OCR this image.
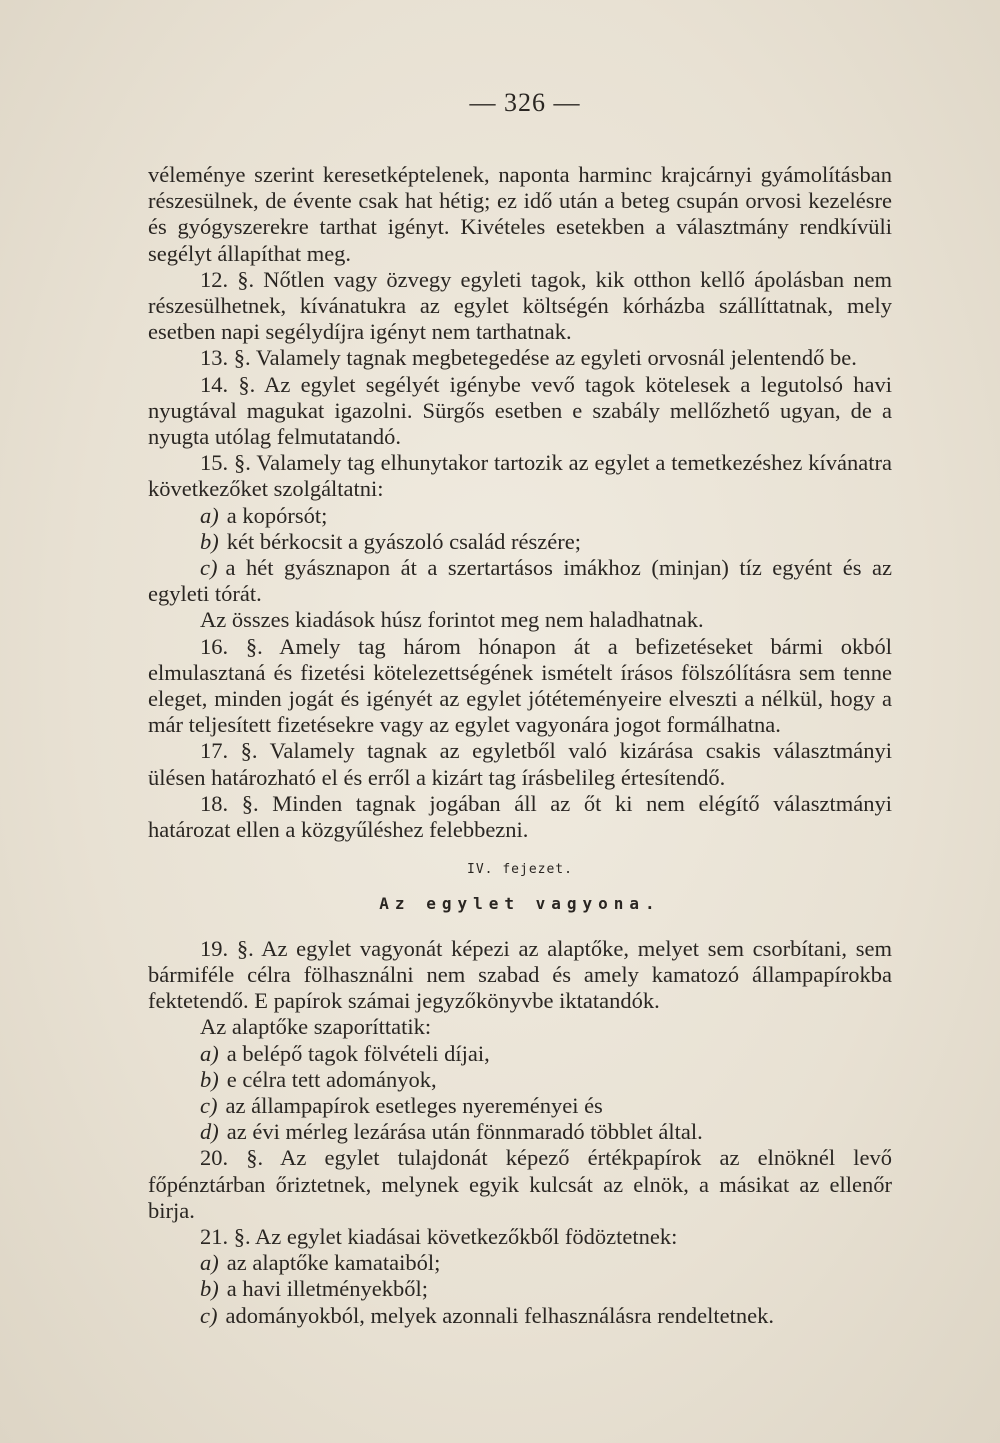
— 326 —

véleménye szerint keresetképtelenek, naponta harminc krajcárnyi gyámolításban részesülnek, de évente csak hat hétig; ez idő után a beteg csupán orvosi kezelésre és gyógyszerekre tarthat igényt. Kivételes esetekben a választmány rendkívüli segélyt állapíthat meg.

12. §. Nőtlen vagy özvegy egyleti tagok, kik otthon kellő ápolásban nem részesülhetnek, kívánatukra az egylet költségén kórházba szállíttatnak, mely esetben napi segélydíjra igényt nem tarthatnak.

13. §. Valamely tagnak megbetegedése az egyleti orvosnál jelentendő be.

14. §. Az egylet segélyét igénybe vevő tagok kötelesek a legutolsó havi nyugtával magukat igazolni. Sürgős esetben e szabály mellőzhető ugyan, de a nyugta utólag felmutatandó.

15. §. Valamely tag elhunytakor tartozik az egylet a temetkezéshez kívánatra következőket szolgáltatni:

a) a kopórsót;

b) két bérkocsit a gyászoló család részére;

c) a hét gyásznapon át a szertartásos imákhoz (minjan) tíz egyént és az egyleti tórát.

Az összes kiadások húsz forintot meg nem haladhatnak.

16. §. Amely tag három hónapon át a befizetéseket bármi okból elmulasztaná és fizetési kötelezettségének ismételt írásos fölszólításra sem tenne eleget, minden jogát és igényét az egylet jótéteményeire elveszti a nélkül, hogy a már teljesített fizetésekre vagy az egylet vagyonára jogot formálhatna.

17. §. Valamely tagnak az egyletből való kizárása csakis választmányi ülésen határozható el és erről a kizárt tag írásbelileg értesítendő.

18. §. Minden tagnak jogában áll az őt ki nem elégítő választmányi határozat ellen a közgyűléshez felebbezni.

IV. fejezet.
Az egylet vagyona.

19. §. Az egylet vagyonát képezi az alaptőke, melyet sem csorbítani, sem bármiféle célra fölhasználni nem szabad és amely kamatozó állampapírokba fektetendő. E papírok számai jegyzőkönyvbe iktatandók.

Az alaptőke szaporíttatik:

a) a belépő tagok fölvételi díjai,

b) e célra tett adományok,

c) az állampapírok esetleges nyereményei és

d) az évi mérleg lezárása után fönnmaradó többlet által.

20. §. Az egylet tulajdonát képező értékpapírok az elnöknél levő főpénztárban őriztetnek, melynek egyik kulcsát az elnök, a másikat az ellenőr birja.

21. §. Az egylet kiadásai következőkből födöztetnek:

a) az alaptőke kamataiból;

b) a havi illetményekből;

c) adományokból, melyek azonnali felhasználásra rendeltetnek.
